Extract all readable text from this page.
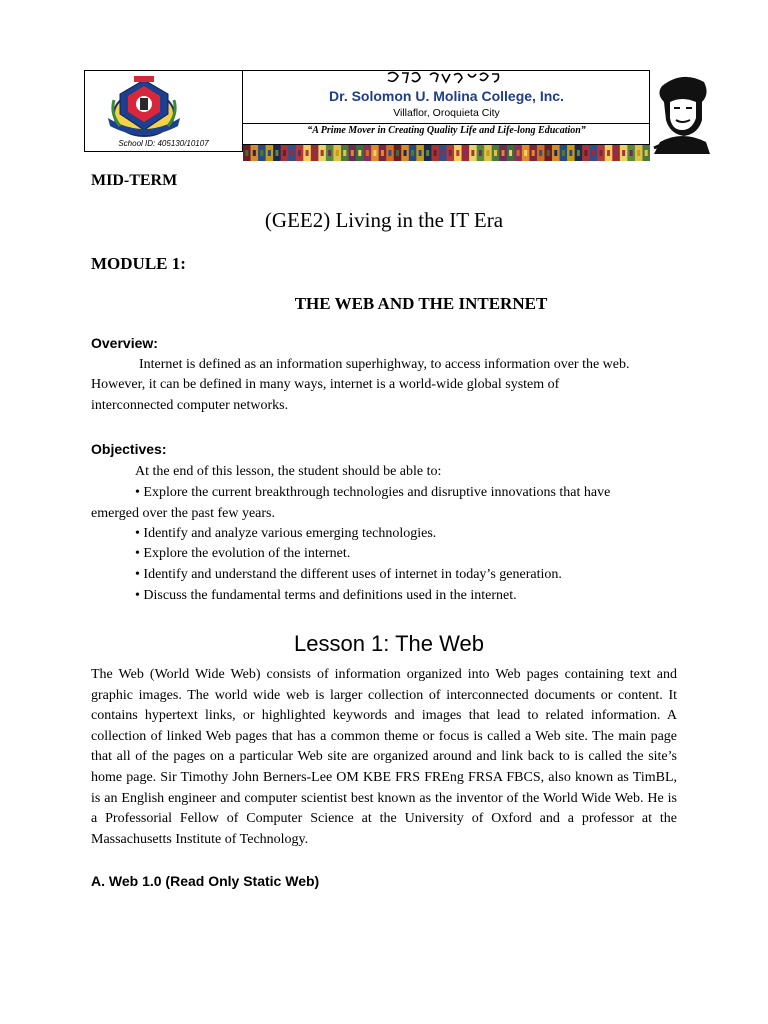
School ID: 405130/10107
Dr. Solomon U. Molina College, Inc.
Villaflor, Oroquieta City
“A Prime Mover in Creating Quality Life and Life-long Education”
MID-TERM
(GEE2) Living in the IT Era
MODULE 1:
THE WEB AND THE INTERNET
Overview:
Internet is defined as an information superhighway, to access information over the web.
However, it can be defined in many ways, internet is a world-wide global system of
interconnected computer networks.
Objectives:
At the end of this lesson, the student should be able to:
• Explore the current breakthrough technologies and disruptive innovations that have
emerged over the past few years.
• Identify and analyze various emerging technologies.
• Explore the evolution of the internet.
• Identify and understand the different uses of internet in today’s generation.
• Discuss the fundamental terms and definitions used in the internet.
Lesson 1: The Web
The Web (World Wide Web) consists of information organized into Web pages containing text and graphic images. The world wide web is larger collection of interconnected documents or content. It contains hypertext links, or highlighted keywords and images that lead to related information. A collection of linked Web pages that has a common theme or focus is called a Web site. The main page that all of the pages on a particular Web site are organized around and link back to is called the site’s home page. Sir Timothy John Berners-Lee OM KBE FRS FREng FRSA FBCS, also known as TimBL, is an English engineer and computer scientist best known as the inventor of the World Wide Web. He is a Professorial Fellow of Computer Science at the University of Oxford and a professor at the Massachusetts Institute of Technology.
A. Web 1.0 (Read Only Static Web)
